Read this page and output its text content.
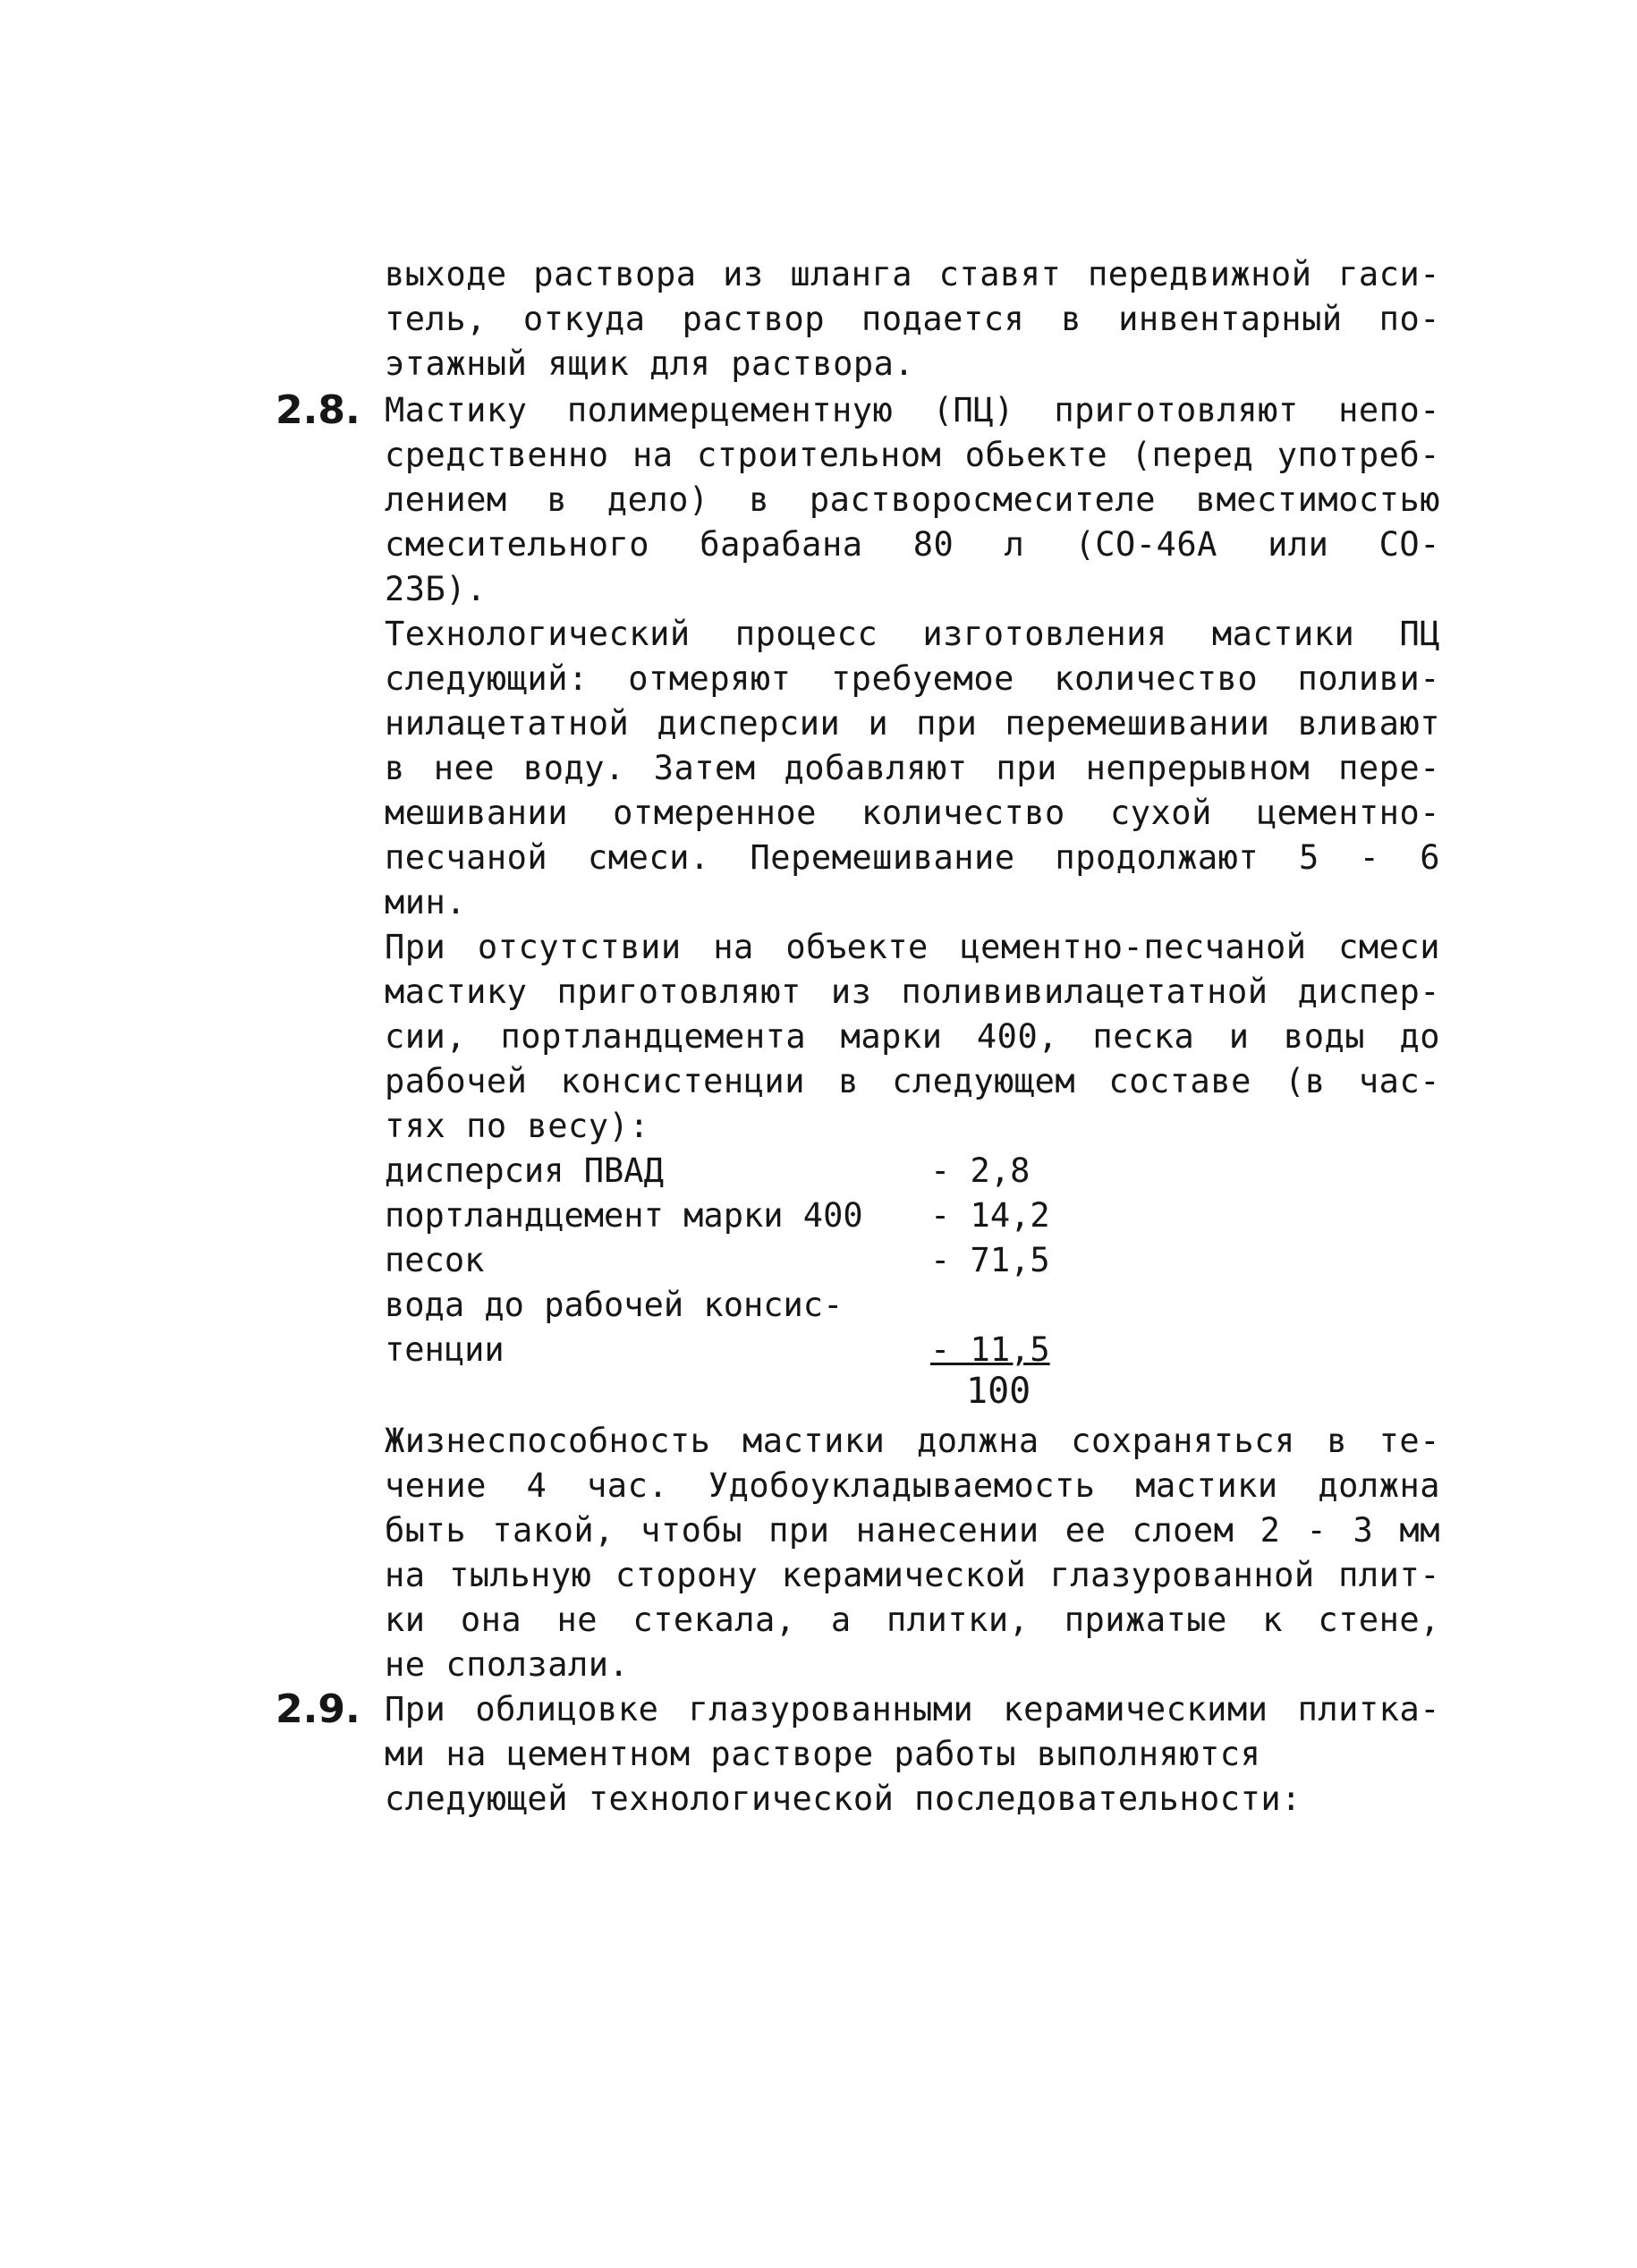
выходе раствора из шланга ставят передвижной гаси-
тель, откуда раствор подается в инвентарный по-
этажный ящик для раствора.
2.8. Мастику полимерцементную (ПЦ) приготовляют непо-
средственно на строительном обьекте (перед употреб-
лением в дело) в растворосмесителе вместимостью
смесительного барабана 80 л (СО-46А или СО-
23Б).
Технологический процесс изготовления мастики ПЦ
следующий: отмеряют требуемое количество поливи-
нилацетатной дисперсии и при перемешивании вливают
в нее воду. Затем добавляют при непрерывном пере-
мешивании отмеренное количество сухой цементно-
песчаной смеси. Перемешивание продолжают 5 - 6
мин.
При отсутствии на объекте цементно-песчаной смеси
мастику приготовляют из полививилацетатной диспер-
сии, портландцемента марки 400, песка и воды до
рабочей консистенции в следующем составе (в час-
тях по весу):
дисперсия ПВАД	- 2,8
портландцемент марки 400 - 14,2
песок	- 71,5
вода до рабочей консис-
тенции	- 11,5
100
Жизнеспособность мастики должна сохраняться в те-
чение 4 час. Удобоукладываемость мастики должна
быть такой, чтобы при нанесении ее слоем 2 - 3 мм
на тыльную сторону керамической глазурованной плит-
ки она не стекала, а плитки, прижатые к стене,
не сползали.
2.9. При облицовке глазурованными керамическими плитка-
ми на цементном растворе работы выполняются
следующей технологической последовательности:
